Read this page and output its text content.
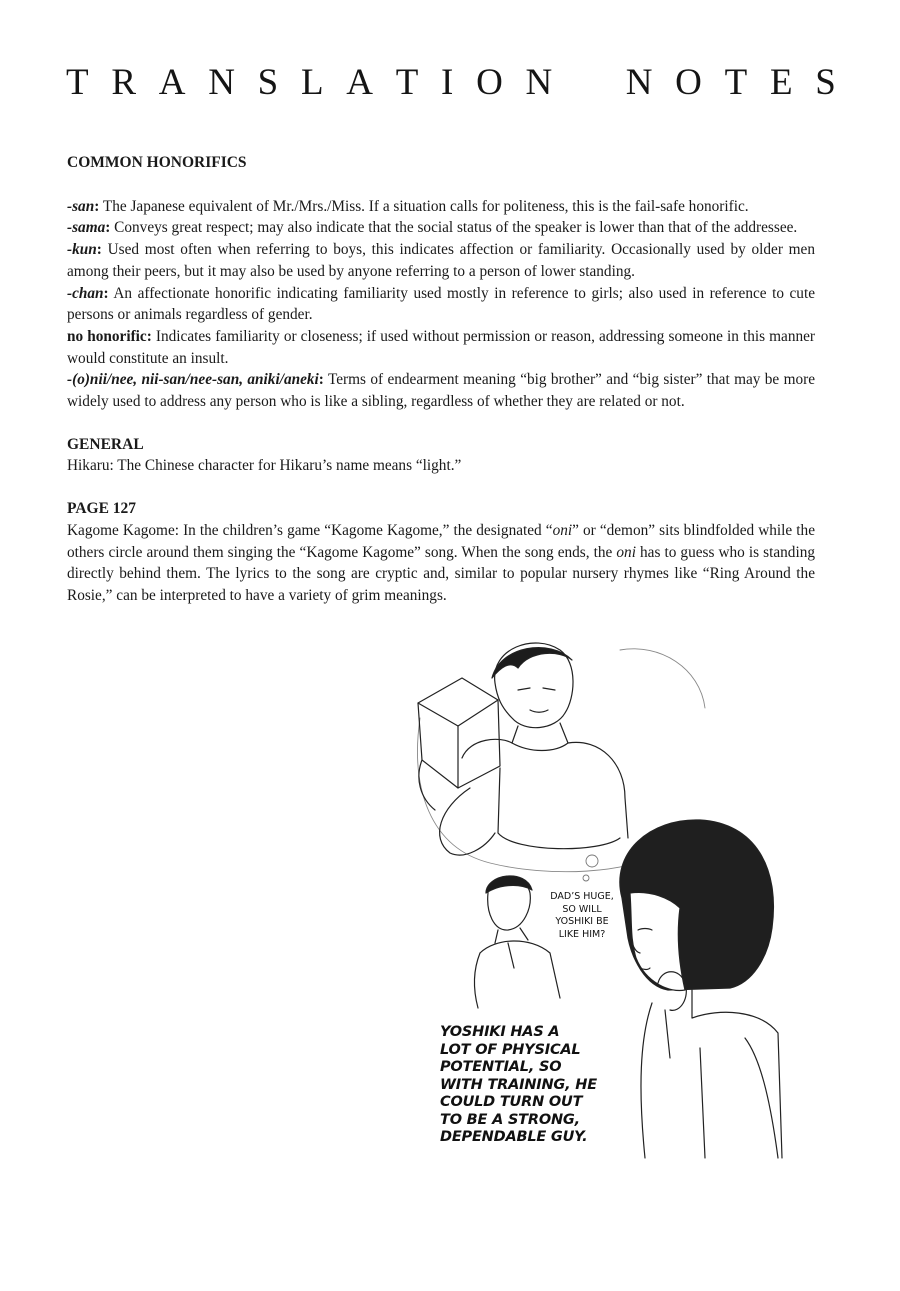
T R A N S L A T I O N N O T E S

COMMON HONORIFICS

-san: The Japanese equivalent of Mr./Mrs./Miss. If a situation calls for politeness, this is the fail-safe honorific.

-sama: Conveys great respect; may also indicate that the social status of the speaker is lower than that of the addressee.

-kun: Used most often when referring to boys, this indicates affection or familiarity. Occasionally used by older men among their peers, but it may also be used by anyone referring to a person of lower standing.

-chan: An affectionate honorific indicating familiarity used mostly in reference to girls; also used in reference to cute persons or animals regardless of gender.

no honorific: Indicates familiarity or closeness; if used without permission or reason, addressing someone in this manner would constitute an insult.

-(o)nii/nee, nii-san/nee-san, aniki/aneki: Terms of endearment meaning “big brother” and “big sister” that may be more widely used to address any person who is like a sibling, regardless of whether they are related or not.

GENERAL

Hikaru: The Chinese character for Hikaru’s name means “light.”

PAGE 127

Kagome Kagome: In the children’s game “Kagome Kagome,” the designated “oni” or “demon” sits blindfolded while the others circle around them singing the “Kagome Kagome” song. When the song ends, the oni has to guess who is standing directly behind them. The lyrics to the song are cryptic and, similar to popular nursery rhymes like “Ring Around the Rosie,” can be interpreted to have a variety of grim meanings.

DAD’S HUGE,
SO WILL
YOSHIKI BE
LIKE HIM?
YOSHIKI HAS A
LOT OF PHYSICAL
POTENTIAL, SO
WITH TRAINING, HE
COULD TURN OUT
TO BE A STRONG,
DEPENDABLE GUY.
